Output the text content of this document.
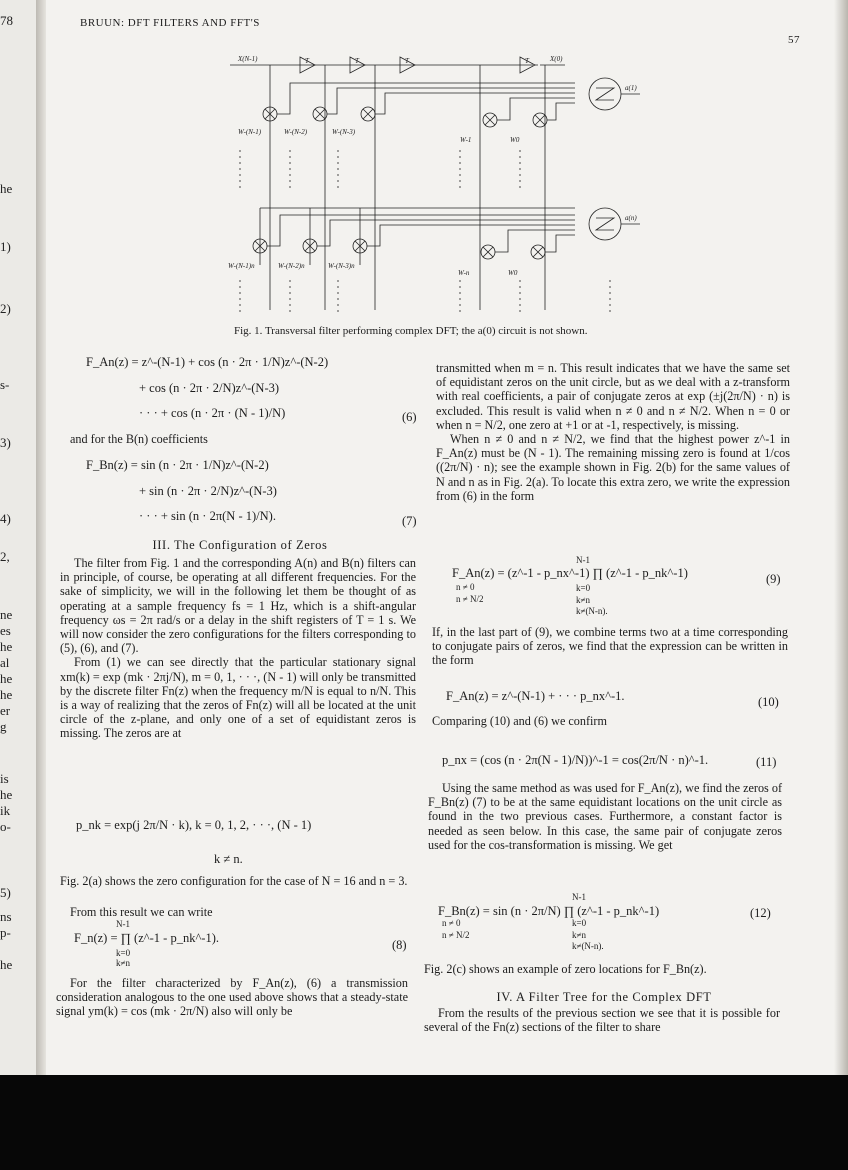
78
he
1)
2)
s-
3)
4)
2,
ne
es
he
al
he
he
er
g
is
he
ik
o-
5)
ns
p-
he
BRUUN: DFT FILTERS AND FFT'S
57
X(N-1)	X(0)
T	T	T	T
a(1)
a(n)
W-(N-1)	W-(N-2)	W-(N-3)
W-1	W0
W-(N-1)n	W-(N-2)n	W-(N-3)n
W-n	W0
Fig. 1. Transversal filter performing complex DFT; the a(0) circuit is not shown.
F_An(z) = z^-(N-1) + cos (n · 2π · 1/N)z^-(N-2)
+ cos (n · 2π · 2/N)z^-(N-3)
· · · + cos (n · 2π · (N - 1)/N)	(6)
and for the B(n) coefficients
F_Bn(z) = sin (n · 2π · 1/N)z^-(N-2)
+ sin (n · 2π · 2/N)z^-(N-3)
· · · + sin (n · 2π(N - 1)/N).	(7)
III. The Configuration of Zeros

The filter from Fig. 1 and the corresponding A(n) and B(n) filters can in principle, of course, be operating at all different frequencies. For the sake of simplicity, we will in the following let them be thought of as operating at a sample frequency fs = 1 Hz, which is a shift-angular frequency ωs = 2π rad/s or a delay in the shift registers of T = 1 s. We will now consider the zero configurations for the filters corresponding to (5), (6), and (7).

From (1) we can see directly that the particular stationary signal xm(k) = exp (mk · 2πj/N), m = 0, 1, · · ·, (N - 1) will only be transmitted by the discrete filter Fn(z) when the frequency m/N is equal to n/N. This is a way of realizing that the zeros of Fn(z) will all be located at the unit circle of the z-plane, and only one of a set of equidistant zeros is missing. The zeros are at

p_nk = exp(j 2π/N · k), k = 0, 1, 2, · · ·, (N - 1)
k ≠ n.
Fig. 2(a) shows the zero configuration for the case of N = 16 and n = 3.
From this result we can write
F_n(z) = ∏ (z^-1 - p_nk^-1).
N-1
k=0
k≠n
(8)

For the filter characterized by F_An(z), (6) a transmission consideration analogous to the one used above shows that a steady-state signal ym(k) = cos (mk · 2π/N) also will only be

transmitted when m = n. This result indicates that we have the same set of equidistant zeros on the unit circle, but as we deal with a z-transform with real coefficients, a pair of conjugate zeros at exp (±j(2π/N) · n) is excluded. This result is valid when n ≠ 0 and n ≠ N/2. When n = 0 or when n = N/2, one zero at +1 or at -1, respectively, is missing.

When n ≠ 0 and n ≠ N/2, we find that the highest power z^-1 in F_An(z) must be (N - 1). The remaining missing zero is found at 1/cos ((2π/N) · n); see the example shown in Fig. 2(b) for the same values of N and n as in Fig. 2(a). To locate this extra zero, we write the expression from (6) in the form

F_An(z) = (z^-1 - p_nx^-1) ∏ (z^-1 - p_nk^-1)
n ≠ 0
n ≠ N/2
N-1
k=0
k≠n
k≠(N-n).
(9)
If, in the last part of (9), we combine terms two at a time corresponding to conjugate pairs of zeros, we find that the expression can be written in the form
F_An(z) = z^-(N-1) + · · · p_nx^-1.	(10)
Comparing (10) and (6) we confirm
p_nx = (cos (n · 2π(N - 1)/N))^-1 = cos(2π/N · n)^-1.	(11)

Using the same method as was used for F_An(z), we find the zeros of F_Bn(z) (7) to be at the same equidistant locations on the unit circle as found in the two previous cases. Furthermore, a constant factor is needed as seen below. In this case, the same pair of conjugate zeros used for the cos-transformation is missing. We get

F_Bn(z) = sin (n · 2π/N) ∏ (z^-1 - p_nk^-1)
n ≠ 0
n ≠ N/2
N-1
k=0
k≠n
k≠(N-n).
(12)
Fig. 2(c) shows an example of zero locations for F_Bn(z).
IV. A Filter Tree for the Complex DFT

From the results of the previous section we see that it is possible for several of the Fn(z) sections of the filter to share
